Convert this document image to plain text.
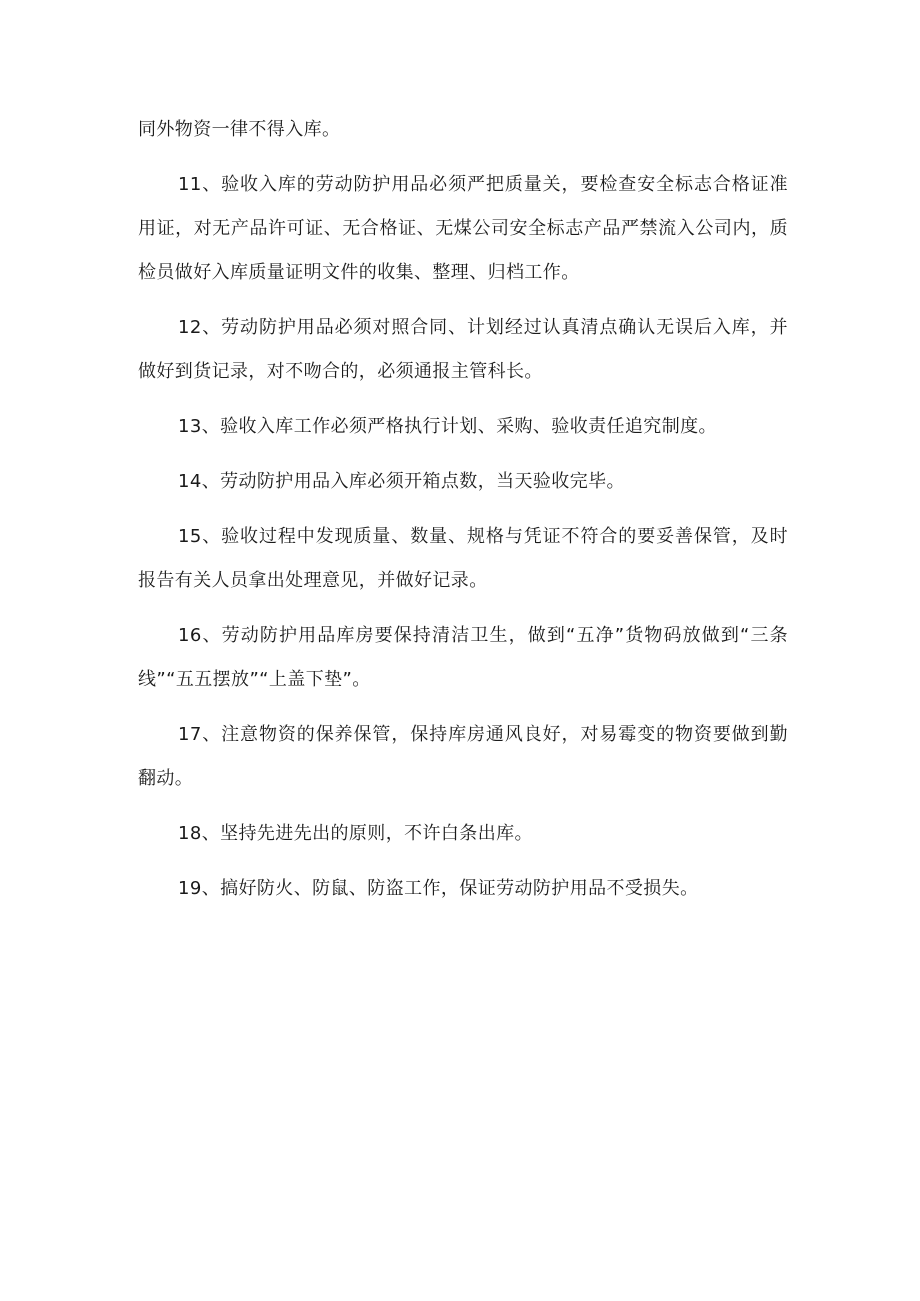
同外物资一律不得入库。

11、验收入库的劳动防护用品必须严把质量关，要检查安全标志合格证准用证，对无产品许可证、无合格证、无煤公司安全标志产品严禁流入公司内，质检员做好入库质量证明文件的收集、整理、归档工作。

12、劳动防护用品必须对照合同、计划经过认真清点确认无误后入库，并做好到货记录，对不吻合的，必须通报主管科长。

13、验收入库工作必须严格执行计划、采购、验收责任追究制度。

14、劳动防护用品入库必须开箱点数，当天验收完毕。

15、验收过程中发现质量、数量、规格与凭证不符合的要妥善保管，及时报告有关人员拿出处理意见，并做好记录。

16、劳动防护用品库房要保持清洁卫生，做到“五净”货物码放做到“三条线”“五五摆放”“上盖下垫”。

17、注意物资的保养保管，保持库房通风良好，对易霉变的物资要做到勤翻动。

18、坚持先进先出的原则，不许白条出库。

19、搞好防火、防鼠、防盗工作，保证劳动防护用品不受损失。
